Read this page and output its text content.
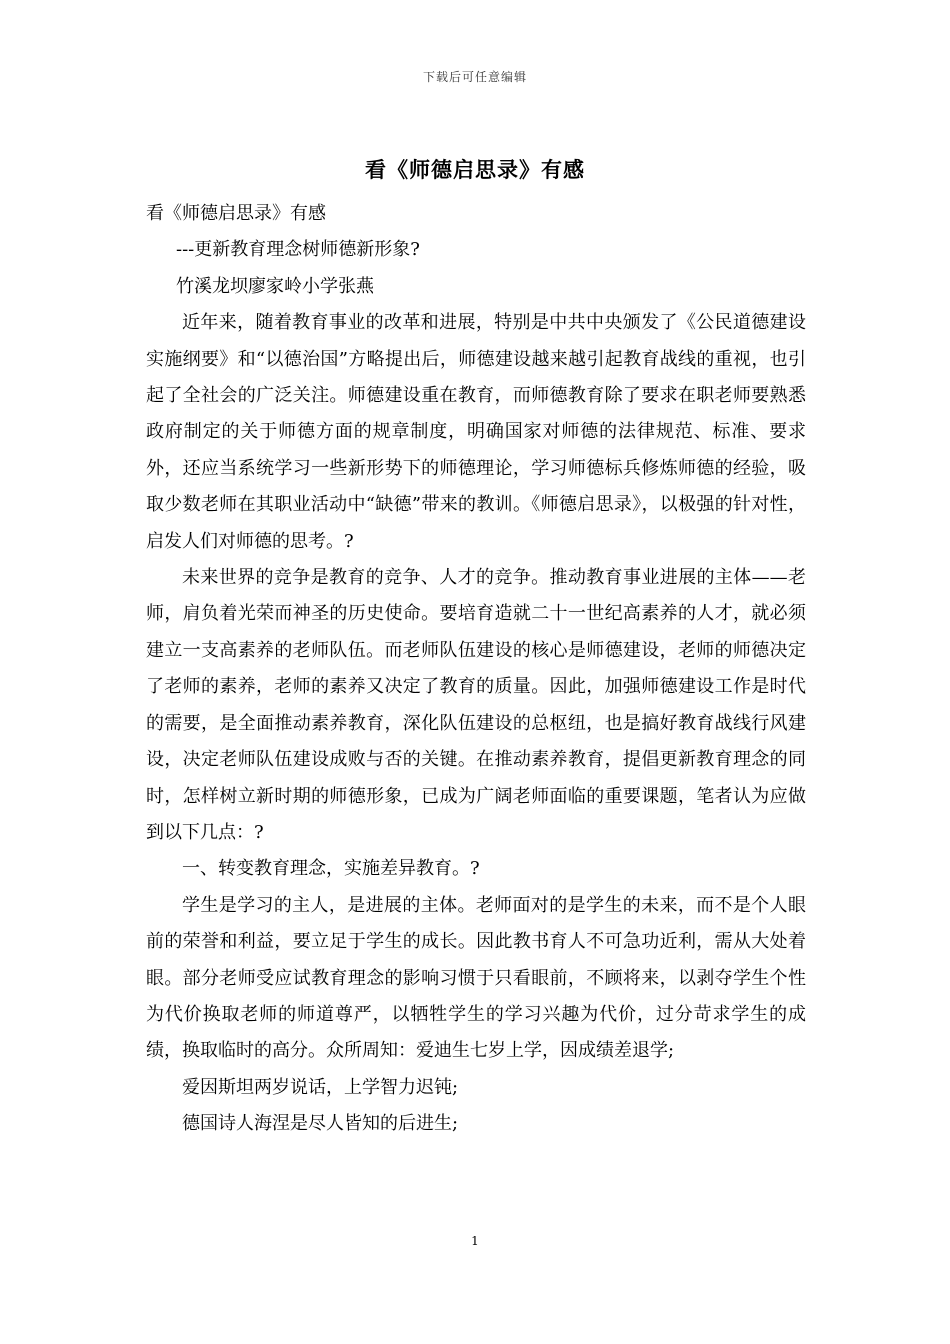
下载后可任意编辑
看《师德启思录》有感

看《师德启思录》有感

---更新教育理念树师德新形象?

竹溪龙坝廖家岭小学张燕

近年来，随着教育事业的改革和进展，特别是中共中央颁发了《公民道德建设实施纲要》和“以德治国”方略提出后，师德建设越来越引起教育战线的重视，也引起了全社会的广泛关注。师德建设重在教育，而师德教育除了要求在职老师要熟悉政府制定的关于师德方面的规章制度，明确国家对师德的法律规范、标准、要求外，还应当系统学习一些新形势下的师德理论，学习师德标兵修炼师德的经验，吸取少数老师在其职业活动中“缺德”带来的教训。《师德启思录》，以极强的针对性，启发人们对师德的思考。?

未来世界的竞争是教育的竞争、人才的竞争。推动教育事业进展的主体——老师，肩负着光荣而神圣的历史使命。要培育造就二十一世纪高素养的人才，就必须建立一支高素养的老师队伍。而老师队伍建设的核心是师德建设，老师的师德决定了老师的素养，老师的素养又决定了教育的质量。因此，加强师德建设工作是时代的需要，是全面推动素养教育，深化队伍建设的总枢纽，也是搞好教育战线行风建设，决定老师队伍建设成败与否的关键。在推动素养教育，提倡更新教育理念的同时，怎样树立新时期的师德形象，已成为广阔老师面临的重要课题，笔者认为应做到以下几点：?

一、转变教育理念，实施差异教育。?

学生是学习的主人，是进展的主体。老师面对的是学生的未来，而不是个人眼前的荣誉和利益，要立足于学生的成长。因此教书育人不可急功近利，需从大处着眼。部分老师受应试教育理念的影响习惯于只看眼前，不顾将来，以剥夺学生个性为代价换取老师的师道尊严，以牺牲学生的学习兴趣为代价，过分苛求学生的成绩，换取临时的高分。众所周知：爱迪生七岁上学，因成绩差退学;

爱因斯坦两岁说话，上学智力迟钝;

德国诗人海涅是尽人皆知的后进生;

1
